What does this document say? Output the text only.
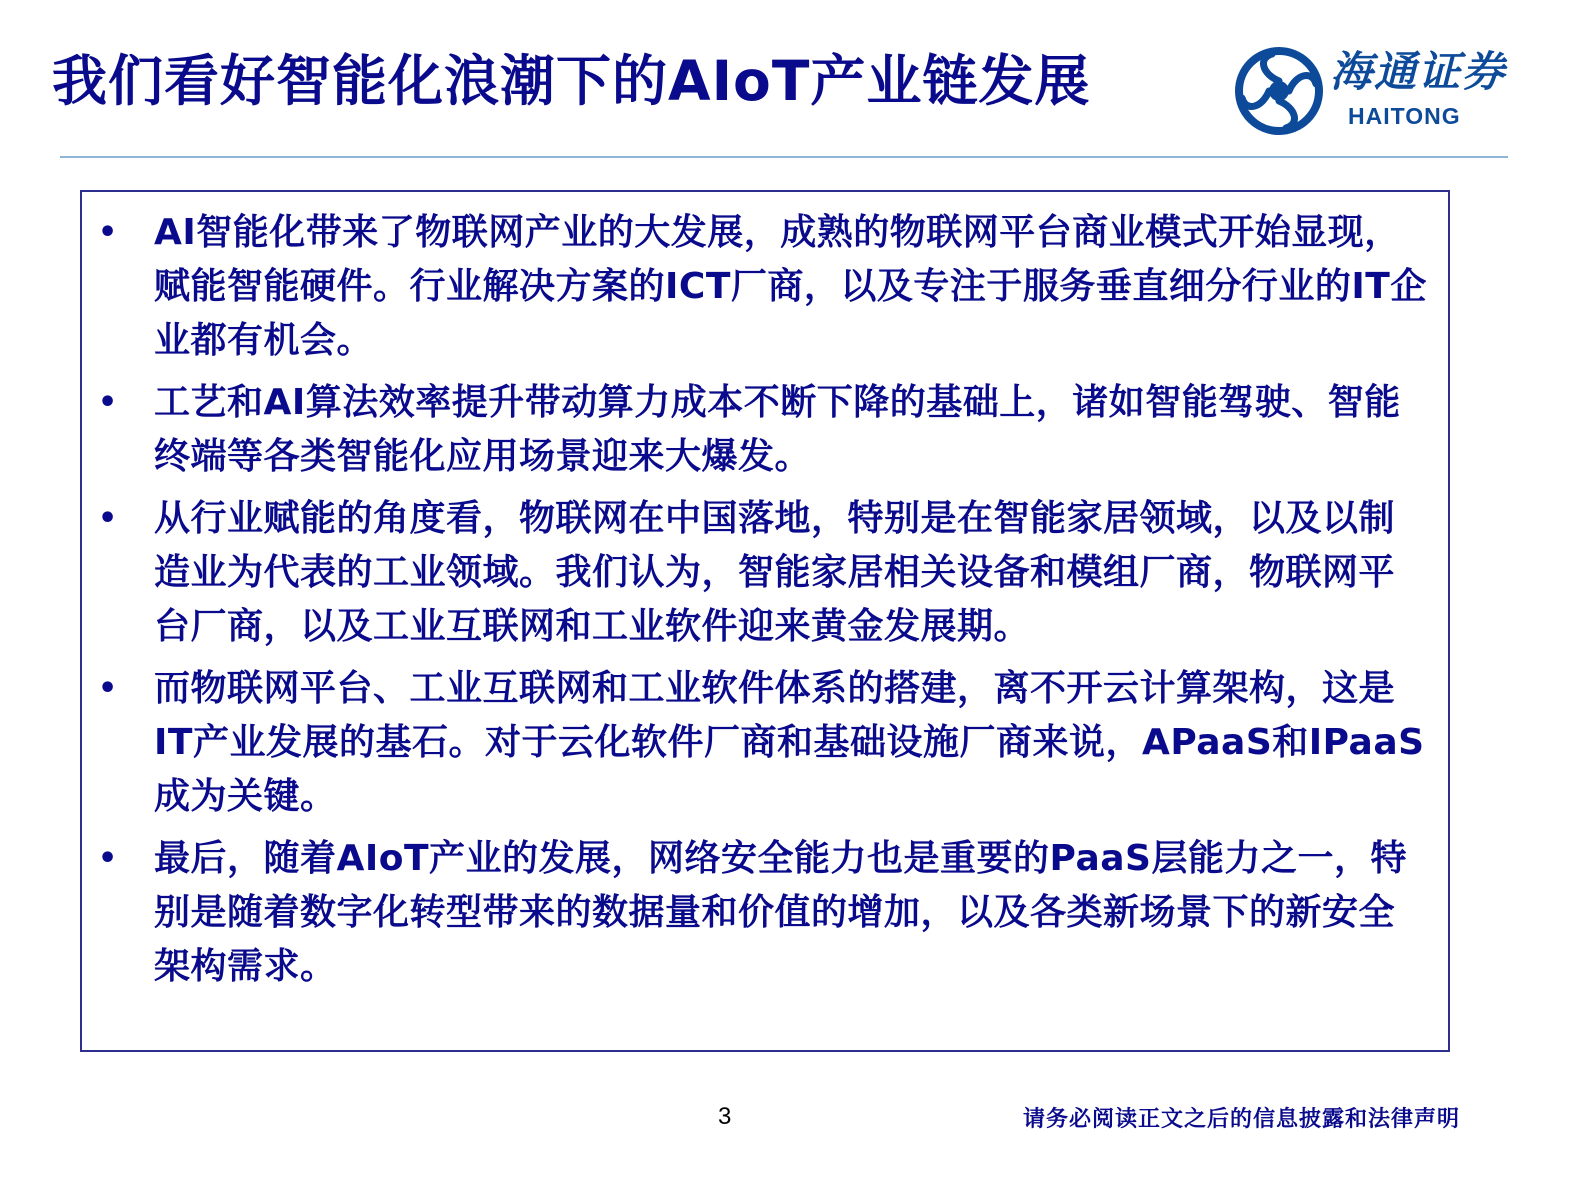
我们看好智能化浪潮下的AIoT产业链发展	海通证券
HAITONG
• AI智能化带来了物联网产业的大发展，成熟的物联网平台商业模式开始显现，赋能智能硬件。行业解决方案的ICT厂商，以及专注于服务垂直细分行业的IT企业都有机会。
• 工艺和AI算法效率提升带动算力成本不断下降的基础上，诸如智能驾驶、智能终端等各类智能化应用场景迎来大爆发。
• 从行业赋能的角度看，物联网在中国落地，特别是在智能家居领域，以及以制造业为代表的工业领域。我们认为，智能家居相关设备和模组厂商，物联网平台厂商，以及工业互联网和工业软件迎来黄金发展期。
• 而物联网平台、工业互联网和工业软件体系的搭建，离不开云计算架构，这是IT产业发展的基石。对于云化软件厂商和基础设施厂商来说，APaaS和IPaaS成为关键。
• 最后，随着AIoT产业的发展，网络安全能力也是重要的PaaS层能力之一，特别是随着数字化转型带来的数据量和价值的增加，以及各类新场景下的新安全架构需求。
3	请务必阅读正文之后的信息披露和法律声明
